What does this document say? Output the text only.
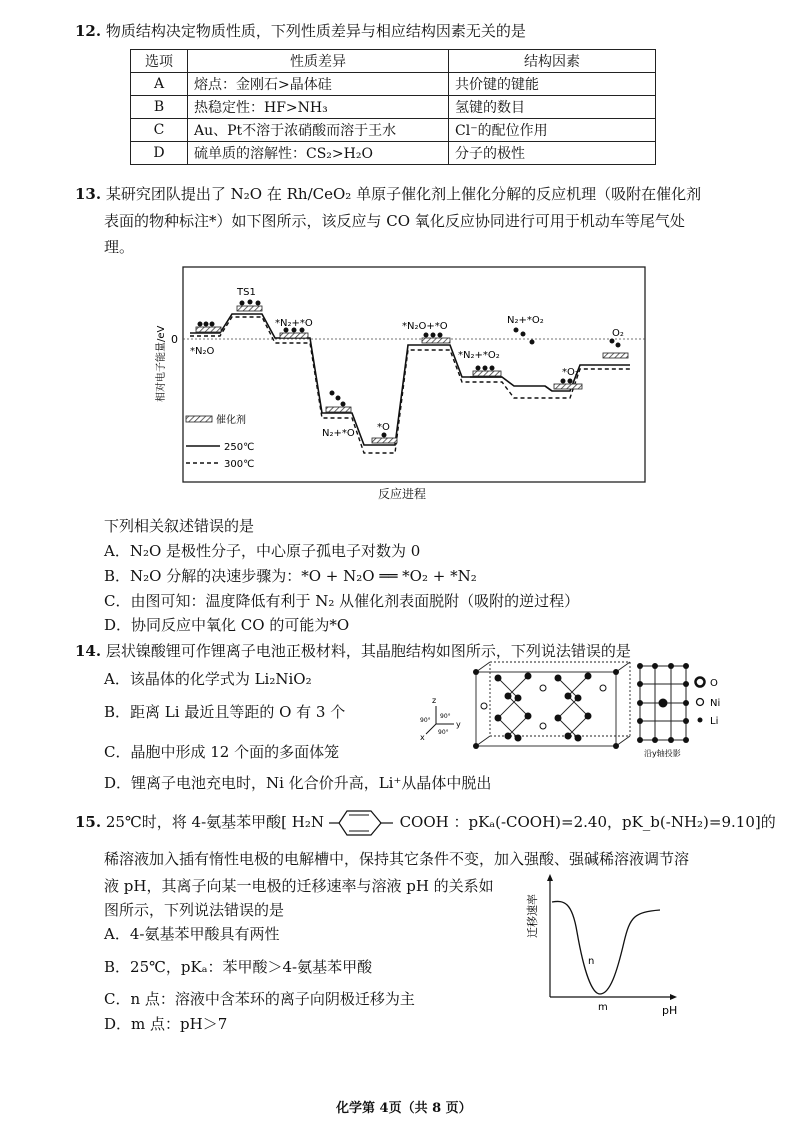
12. 物质结构决定物质性质，下列性质差异与相应结构因素无关的是
选项	性质差异	结构因素
A	熔点：金刚石>晶体硅	共价键的键能
B	热稳定性：HF>NH₃	氢键的数目
C	Au、Pt不溶于浓硝酸而溶于王水	Cl⁻的配位作用
D	硫单质的溶解性：CS₂>H₂O	分子的极性
13. 某研究团队提出了 N₂O 在 Rh/CeO₂ 单原子催化剂上催化分解的反应机理（吸附在催化剂
表面的物种标注*）如下图所示，该反应与 CO 氧化反应协同进行可用于机动车等尾气处
理。
相对电子能量/eV 0
*N₂O
TS1
*N₂+*O
N₂+*O
*O
*N₂O+*O
N₂+*O₂
*N₂+*O₂
*O₂
O₂
催化剂
250℃
300℃
反应进程
下列相关叙述错误的是
A．N₂O 是极性分子，中心原子孤电子对数为 0
B．N₂O 分解的决速步骤为：*O + N₂O ══ *O₂ + *N₂
C．由图可知：温度降低有利于 N₂ 从催化剂表面脱附（吸附的逆过程）
D．协同反应中氧化 CO 的可能为*O
14. 层状镍酸锂可作锂离子电池正极材料，其晶胞结构如图所示，下列说法错误的是
A．该晶体的化学式为 Li₂NiO₂
B．距离 Li 最近且等距的 O 有 3 个
C．晶胞中形成 12 个面的多面体笼
D．锂离子电池充电时，Ni 化合价升高，Li⁺从晶体中脱出
z
y
x
90°
90°
90°
沿y轴投影
O
Ni
Li
15. 25℃时，将 4-氨基苯甲酸[ H₂N	COOH ：pKₐ(-COOH)=2.40，pK_b(-NH₂)=9.10]的
稀溶液加入插有惰性电极的电解槽中，保持其它条件不变，加入强酸、强碱稀溶液调节溶
液 pH，其离子向某一电极的迁移速率与溶液 pH 的关系如
图所示，下列说法错误的是
A．4-氨基苯甲酸具有两性
B．25℃，pKₐ：苯甲酸＞4-氨基苯甲酸
C．n 点：溶液中含苯环的离子向阴极迁移为主
D．m 点：pH＞7
迁移速率
pH
n
m
化学第 4页（共 8 页）
